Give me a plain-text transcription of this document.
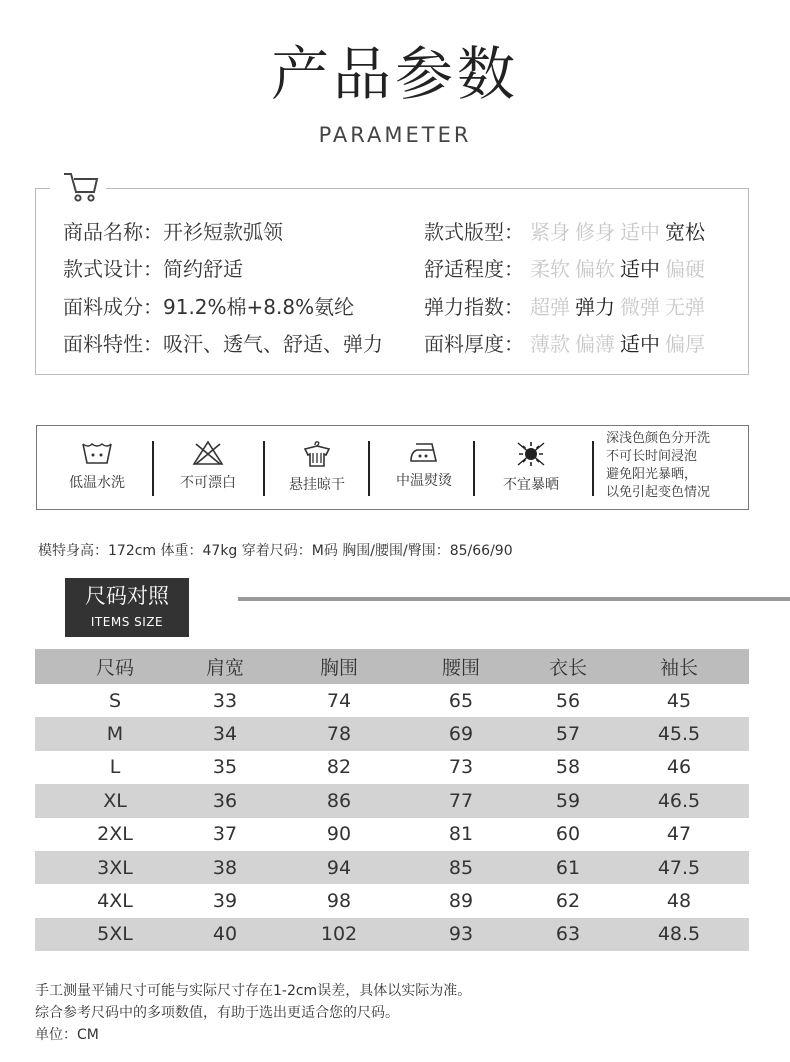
产品参数
PARAMETER
商品名称：开衫短款弧领
款式设计：简约舒适
面料成分：91.2%棉+8.8%氨纶
面料特性：吸汗、透气、舒适、弹力
款式版型： 紧身 修身 适中 宽松
舒适程度： 柔软 偏软 适中 偏硬
弹力指数： 超弹 弹力 微弹 无弹
面料厚度： 薄款 偏薄 适中 偏厚
低温水洗	不可漂白	悬挂晾干	中温熨烫	不宜暴晒
深浅色颜色分开洗
不可长时间浸泡
避免阳光暴晒，
以免引起变色情况
模特身高：172cm 体重：47kg 穿着尺码：M码 胸围/腰围/臀围：85/66/90
尺码对照
ITEMS SIZE
尺码	肩宽	胸围	腰围	衣长	袖长
S	33	74	65	56	45
M	34	78	69	57	45.5
L	35	82	73	58	46
XL	36	86	77	59	46.5
2XL	37	90	81	60	47
3XL	38	94	85	61	47.5
4XL	39	98	89	62	48
5XL	40	102	93	63	48.5
手工测量平铺尺寸可能与实际尺寸存在1-2cm误差，具体以实际为准。
综合参考尺码中的多项数值，有助于选出更适合您的尺码。
单位：CM
